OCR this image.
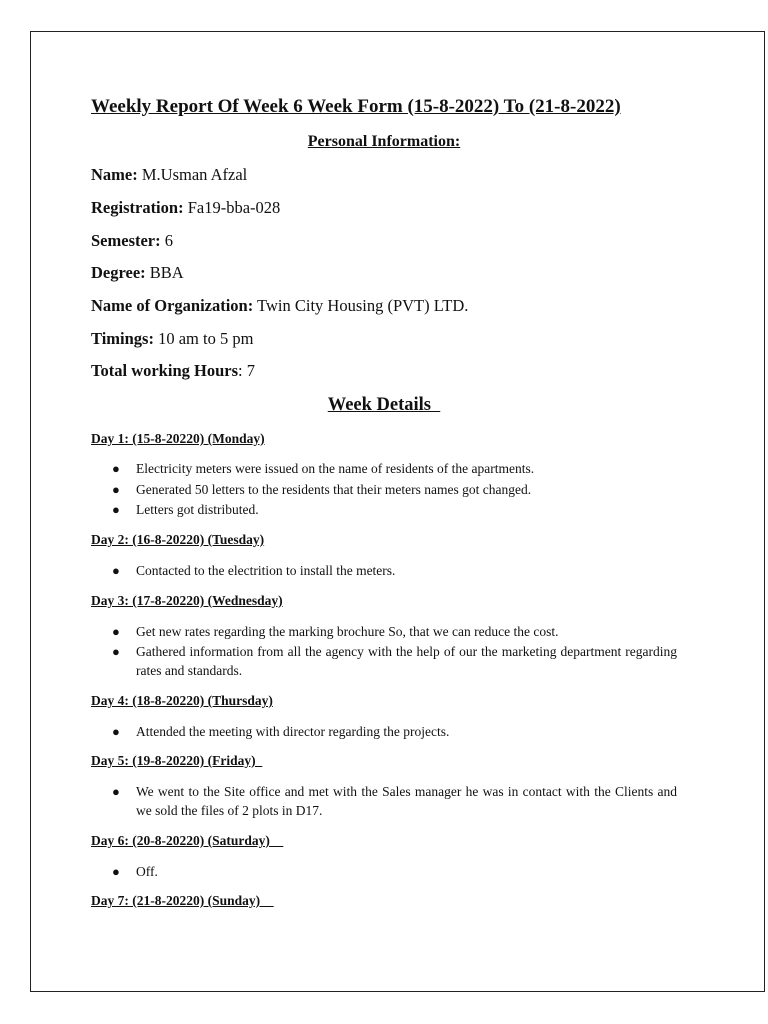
Weekly Report Of Week 6 Week Form (15-8-2022) To (21-8-2022)
Personal Information:
Name: M.Usman Afzal
Registration: Fa19-bba-028
Semester: 6
Degree: BBA
Name of Organization: Twin City Housing (PVT) LTD.
Timings: 10 am to 5 pm
Total working Hours: 7
Week Details
Day 1: (15-8-20220) (Monday)
● Electricity meters were issued on the name of residents of the apartments.
● Generated 50 letters to the residents that their meters names got changed.
● Letters got distributed.
Day 2: (16-8-20220) (Tuesday)
● Contacted to the electrition to install the meters.
Day 3: (17-8-20220) (Wednesday)
● Get new rates regarding the marking brochure So, that we can reduce the cost.
● Gathered information from all the agency with the help of our the marketing department regarding rates and standards.
Day 4: (18-8-20220) (Thursday)
● Attended the meeting with director regarding the projects.
Day 5: (19-8-20220) (Friday)
● We went to the Site office and met with the Sales manager he was in contact with the Clients and we sold the files of 2 plots in D17.
Day 6: (20-8-20220) (Saturday)
● Off.
Day 7: (21-8-20220) (Sunday)
